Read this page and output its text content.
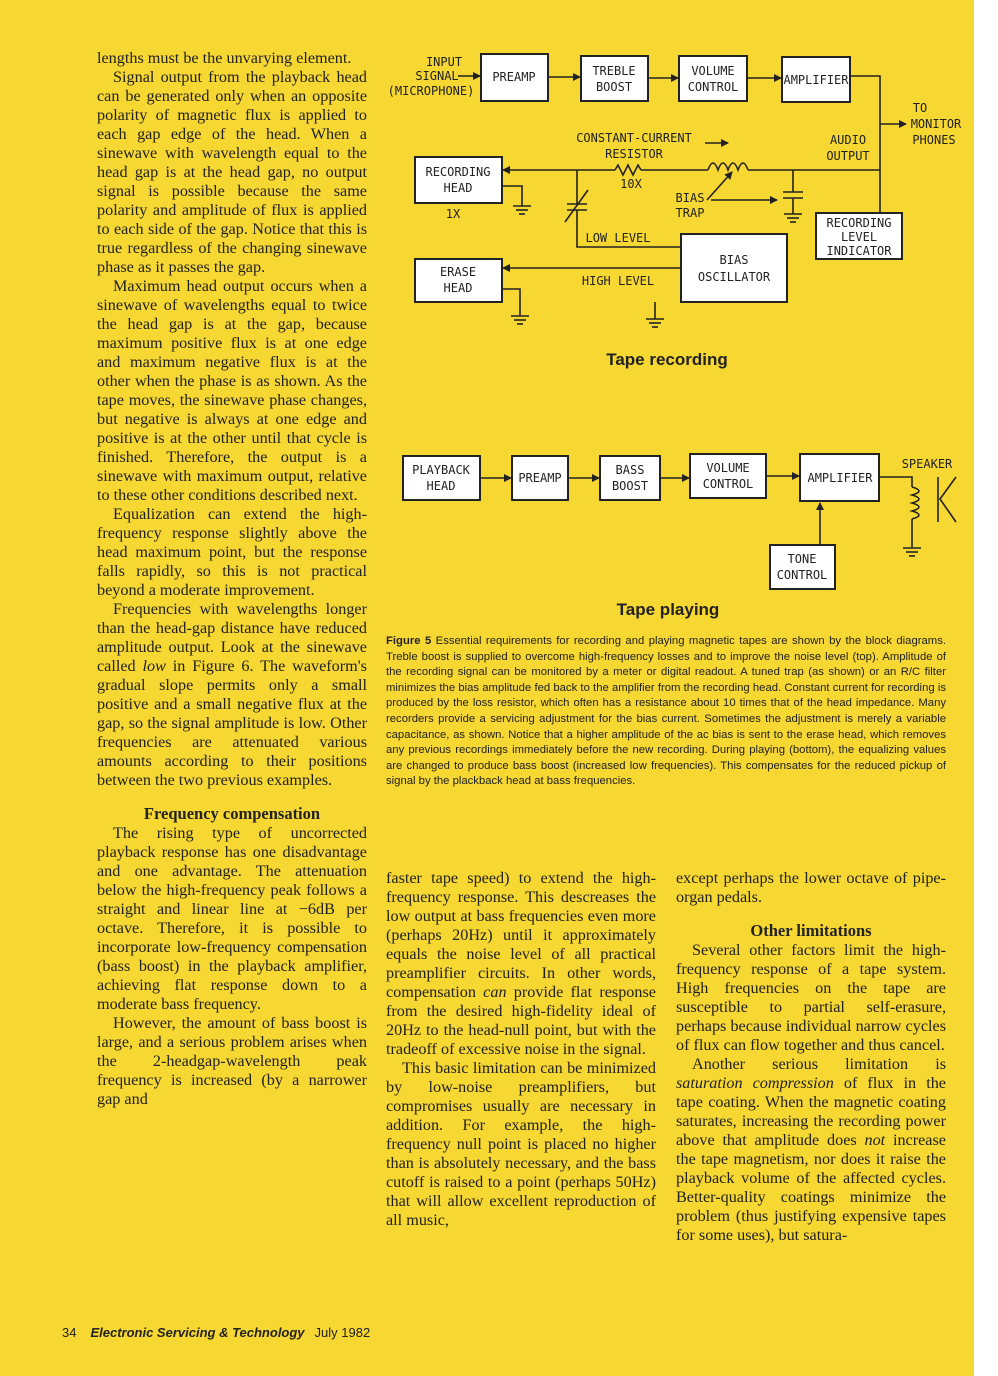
lengths must be the unvarying element.

Signal output from the playback head can be generated only when an opposite polarity of magnetic flux is applied to each gap edge of the head. When a sinewave with wavelength equal to the head gap is at the head gap, no output signal is possible because the same polarity and amplitude of flux is applied to each side of the gap. Notice that this is true regardless of the changing sinewave phase as it passes the gap.

Maximum head output occurs when a sinewave of wavelengths equal to twice the head gap is at the gap, because maximum positive flux is at one edge and maximum negative flux is at the other when the phase is as shown. As the tape moves, the sinewave phase changes, but negative is always at one edge and positive is at the other until that cycle is finished. Therefore, the output is a sinewave with maximum output, relative to these other conditions described next.

Equalization can extend the high-frequency response slightly above the head maximum point, but the response falls rapidly, so this is not practical beyond a moderate improvement.

Frequencies with wavelengths longer than the head-gap distance have reduced amplitude output. Look at the sinewave called low in Figure 6. The waveform's gradual slope permits only a small positive and a small negative flux at the gap, so the signal amplitude is low. Other frequencies are attenuated various amounts according to their positions between the two previous examples.

Frequency compensation

The rising type of uncorrected playback response has one disadvantage and one advantage. The attenuation below the high-frequency peak follows a straight and linear line at −6dB per octave. Therefore, it is possible to incorporate low-frequency compensation (bass boost) in the playback amplifier, achieving flat response down to a moderate bass frequency.

However, the amount of bass boost is large, and a serious problem arises when the 2-headgap-wavelength peak frequency is increased (by a narrower gap and

INPUT
SIGNAL
(MICROPHONE)
PREAMP	TREBLE
BOOST
VOLUME
CONTROL	AMPLIFIER
TO
MONITOR
PHONES
AUDIO
OUTPUT
CONSTANT-CURRENT
RESISTOR
10X
RECORDING
HEAD
1X
LOW LEVEL
BIAS
TRAP
RECORDING
LEVEL
INDICATOR
BIAS
OSCILLATOR
HIGH LEVEL
ERASE
HEAD
Tape recording
PLAYBACK
HEAD
PREAMP
BASS
BOOST
VOLUME
CONTROL	AMPLIFIER
SPEAKER
TONE
CONTROL
Tape playing
Figure 5 Essential requirements for recording and playing magnetic tapes are shown by the block diagrams. Treble boost is supplied to overcome high-frequency losses and to improve the noise level (top). Amplitude of the recording signal can be monitored by a meter or digital readout. A tuned trap (as shown) or an R/C filter minimizes the bias amplitude fed back to the amplifier from the recording head. Constant current for recording is produced by the loss resistor, which often has a resistance about 10 times that of the head impedance. Many recorders provide a servicing adjustment for the bias current. Sometimes the adjustment is merely a variable capacitance, as shown. Notice that a higher amplitude of the ac bias is sent to the erase head, which removes any previous recordings immediately before the new recording. During playing (bottom), the equalizing values are changed to produce bass boost (increased low frequencies). This compensates for the reduced pickup of signal by the plackback head at bass frequencies.

faster tape speed) to extend the high-frequency response. This descreases the low output at bass frequencies even more (perhaps 20Hz) until it approximately equals the noise level of all practical preamplifier circuits. In other words, compensation can provide flat response from the desired high-fidelity ideal of 20Hz to the head-null point, but with the tradeoff of excessive noise in the signal.

This basic limitation can be minimized by low-noise preamplifiers, but compromises usually are necessary in addition. For example, the high-frequency null point is placed no higher than is absolutely necessary, and the bass cutoff is raised to a point (perhaps 50Hz) that will allow excellent reproduction of all music,

except perhaps the lower octave of pipe-organ pedals.

Other limitations

Several other factors limit the high-frequency response of a tape system. High frequencies on the tape are susceptible to partial self-erasure, perhaps because individual narrow cycles of flux can flow together and thus cancel.

Another serious limitation is saturation compression of flux in the tape coating. When the magnetic coating saturates, increasing the recording power above that amplitude does not increase the tape magnetism, nor does it raise the playback volume of the affected cycles. Better-quality coatings minimize the problem (thus justifying expensive tapes for some uses), but satura-

34 Electronic Servicing & Technology July 1982
